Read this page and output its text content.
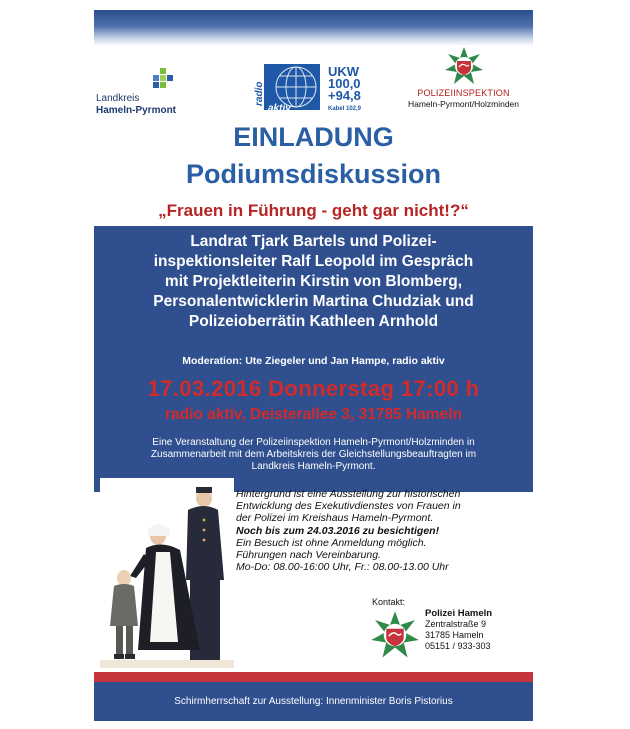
Landkreis
Hameln-Pyrmont
radio
aktiv
UKW
100,0
+94,8
Kabel 102,9
POLIZEIINSPEKTION
Hameln-Pyrmont/Holzminden
EINLADUNG
Podiumsdiskussion
„Frauen in Führung - geht gar nicht!?“
Landrat Tjark Bartels und Polizei-
inspektionsleiter Ralf Leopold im Gespräch
mit Projektleiterin Kirstin von Blomberg,
Personalentwicklerin Martina Chudziak und
Polizeioberrätin Kathleen Arnhold
Moderation: Ute Ziegeler und Jan Hampe, radio aktiv
17.03.2016 Donnerstag 17:00 h
radio aktiv, Deisterallee 3, 31785 Hameln
Eine Veranstaltung der Polizeiinspektion Hameln-Pyrmont/Holzminden in
Zusammenarbeit mit dem Arbeitskreis der Gleichstellungsbeauftragten im
Landkreis Hameln-Pyrmont.
Hintergrund ist eine Ausstellung zur historischen
Entwicklung des Exekutivdienstes von Frauen in
der Polizei im Kreishaus Hameln-Pyrmont.
Noch bis zum 24.03.2016 zu besichtigen!
Ein Besuch ist ohne Anmeldung möglich.
Führungen nach Vereinbarung.
Mo-Do: 08.00-16:00 Uhr, Fr.: 08.00-13.00 Uhr
Kontakt:
Polizei Hameln
Zentralstraße 9
31785 Hameln
05151 / 933-303
Schirmherrschaft zur Ausstellung: Innenminister Boris Pistorius
